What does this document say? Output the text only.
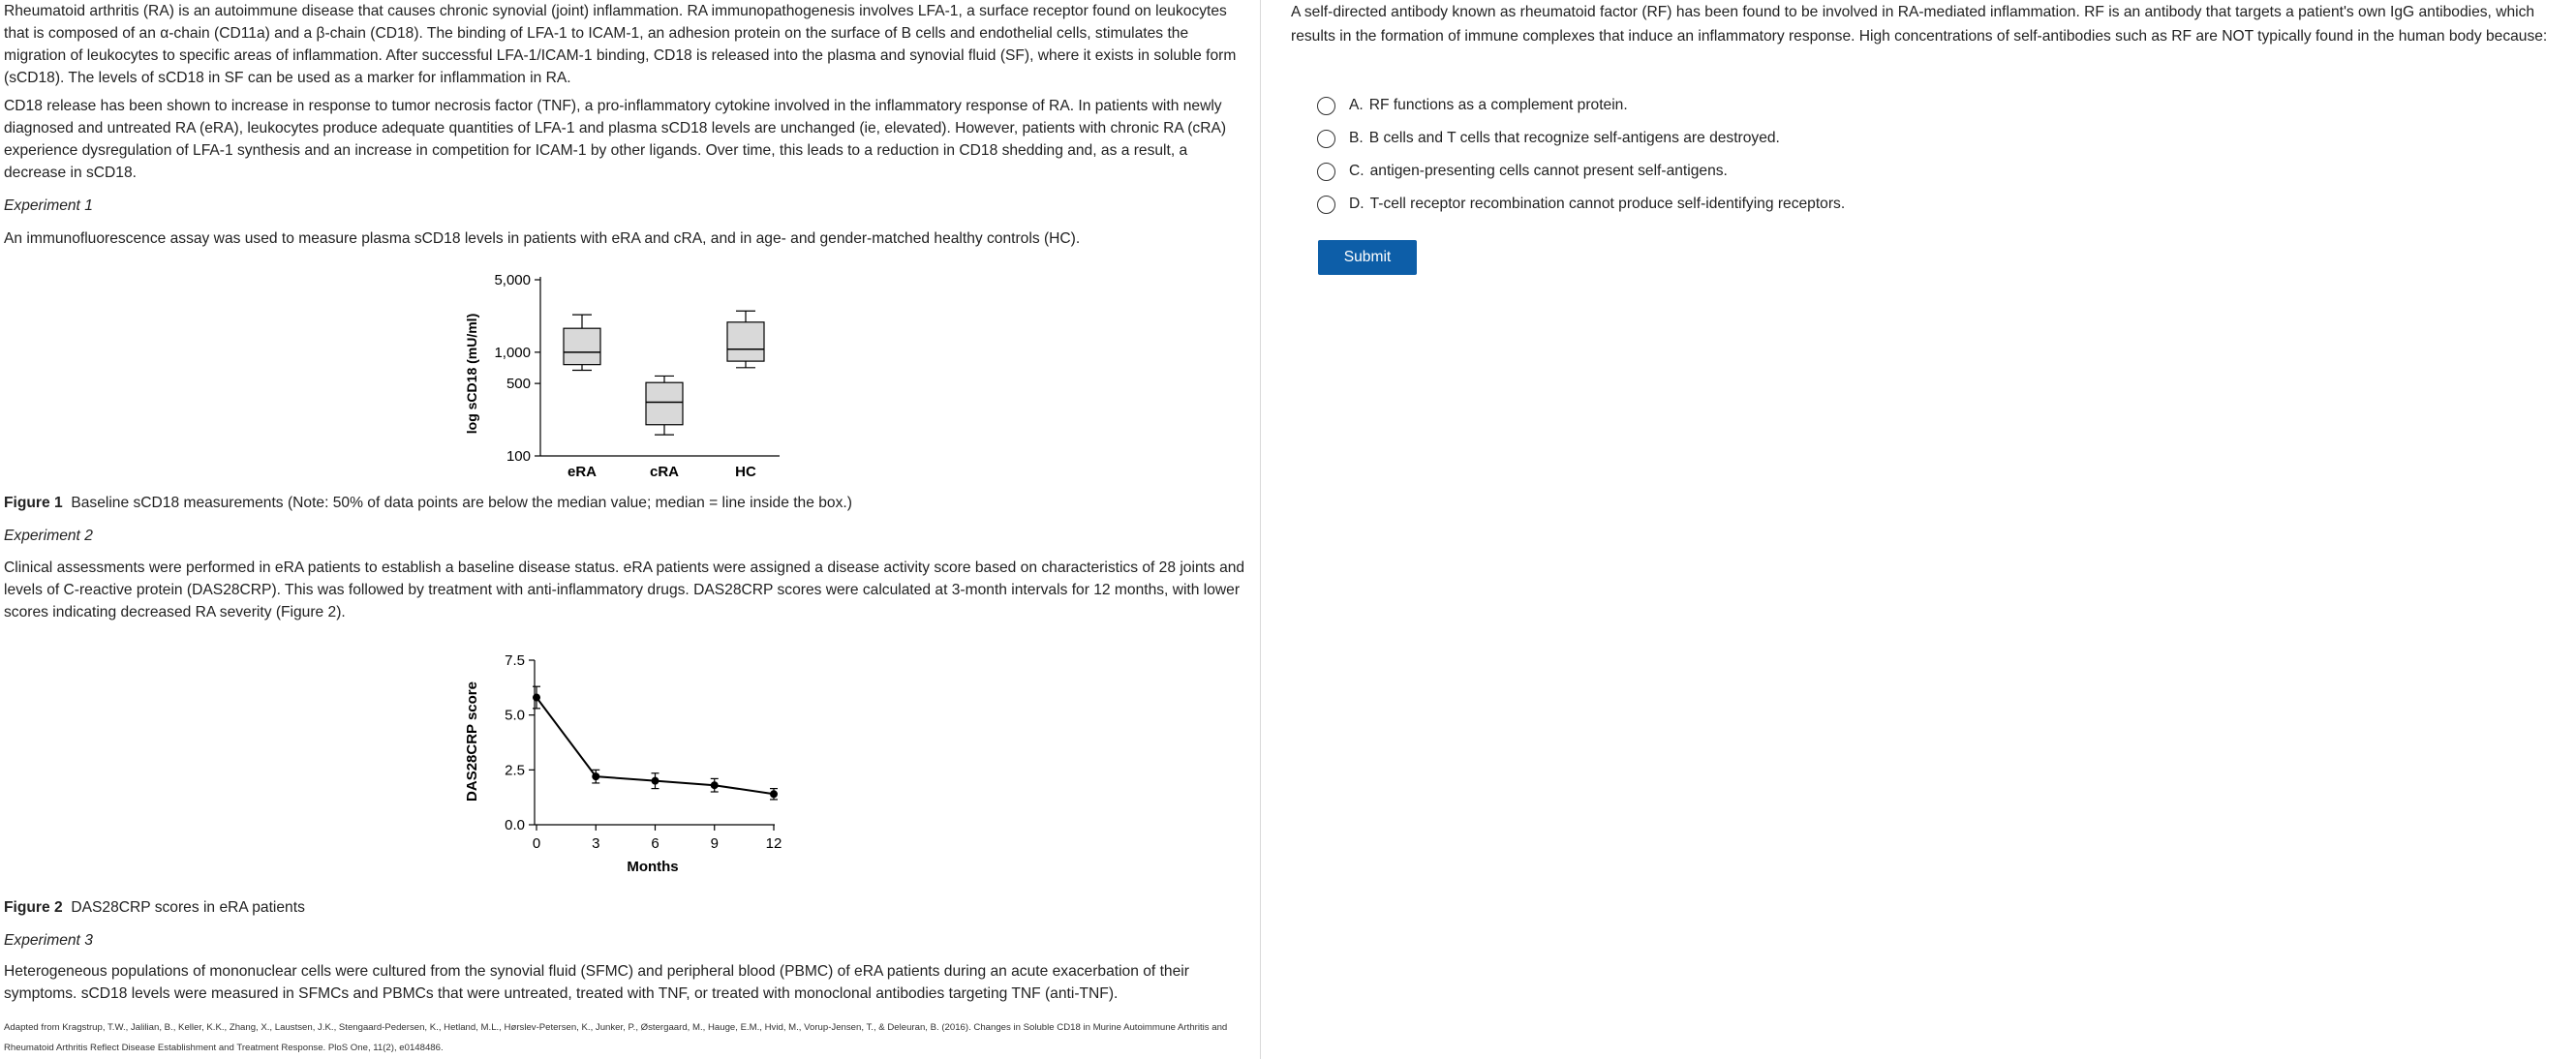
Rheumatoid arthritis (RA) is an autoimmune disease that causes chronic synovial (joint) inflammation. RA immunopathogenesis involves LFA-1, a surface receptor found on leukocytes that is composed of an α-chain (CD11a) and a β-chain (CD18). The binding of LFA-1 to ICAM-1, an adhesion protein on the surface of B cells and endothelial cells, stimulates the migration of leukocytes to specific areas of inflammation. After successful LFA-1/ICAM-1 binding, CD18 is released into the plasma and synovial fluid (SF), where it exists in soluble form (sCD18). The levels of sCD18 in SF can be used as a marker for inflammation in RA.

CD18 release has been shown to increase in response to tumor necrosis factor (TNF), a pro-inflammatory cytokine involved in the inflammatory response of RA. In patients with newly diagnosed and untreated RA (eRA), leukocytes produce adequate quantities of LFA-1 and plasma sCD18 levels are unchanged (ie, elevated). However, patients with chronic RA (cRA) experience dysregulation of LFA-1 synthesis and an increase in competition for ICAM-1 by other ligands. Over time, this leads to a reduction in CD18 shedding and, as a result, a decrease in sCD18.

Experiment 1

An immunofluorescence assay was used to measure plasma sCD18 levels in patients with eRA and cRA, and in age- and gender-matched healthy controls (HC).

log sCD18 (mU/ml)
100
500
1,000
5,000
eRA	cRA	HC

Figure 1 Baseline sCD18 measurements (Note: 50% of data points are below the median value; median = line inside the box.)

Experiment 2

Clinical assessments were performed in eRA patients to establish a baseline disease status. eRA patients were assigned a disease activity score based on characteristics of 28 joints and levels of C-reactive protein (DAS28CRP). This was followed by treatment with anti-inflammatory drugs. DAS28CRP scores were calculated at 3-month intervals for 12 months, with lower scores indicating decreased RA severity (Figure 2).

DAS28CRP score
0.0
2.5
5.0
7.5
0	3	6	9	12
Months

Figure 2 DAS28CRP scores in eRA patients

Experiment 3

Heterogeneous populations of mononuclear cells were cultured from the synovial fluid (SFMC) and peripheral blood (PBMC) of eRA patients during an acute exacerbation of their symptoms. sCD18 levels were measured in SFMCs and PBMCs that were untreated, treated with TNF, or treated with monoclonal antibodies targeting TNF (anti-TNF).

Adapted from Kragstrup, T.W., Jalilian, B., Keller, K.K., Zhang, X., Laustsen, J.K., Stengaard-Pedersen, K., Hetland, M.L., Hørslev-Petersen, K., Junker, P., Østergaard, M., Hauge, E.M., Hvid, M., Vorup-Jensen, T., & Deleuran, B. (2016). Changes in Soluble CD18 in Murine Autoimmune Arthritis and

Rheumatoid Arthritis Reflect Disease Establishment and Treatment Response. PloS One, 11(2), e0148486.

A self-directed antibody known as rheumatoid factor (RF) has been found to be involved in RA-mediated inflammation. RF is an antibody that targets a patient's own IgG antibodies, which results in the formation of immune complexes that induce an inflammatory response. High concentrations of self-antibodies such as RF are NOT typically found in the human body because:

A. RF functions as a complement protein.
B. B cells and T cells that recognize self-antigens are destroyed.
C. antigen-presenting cells cannot present self-antigens.
D. T-cell receptor recombination cannot produce self-identifying receptors.
Submit
